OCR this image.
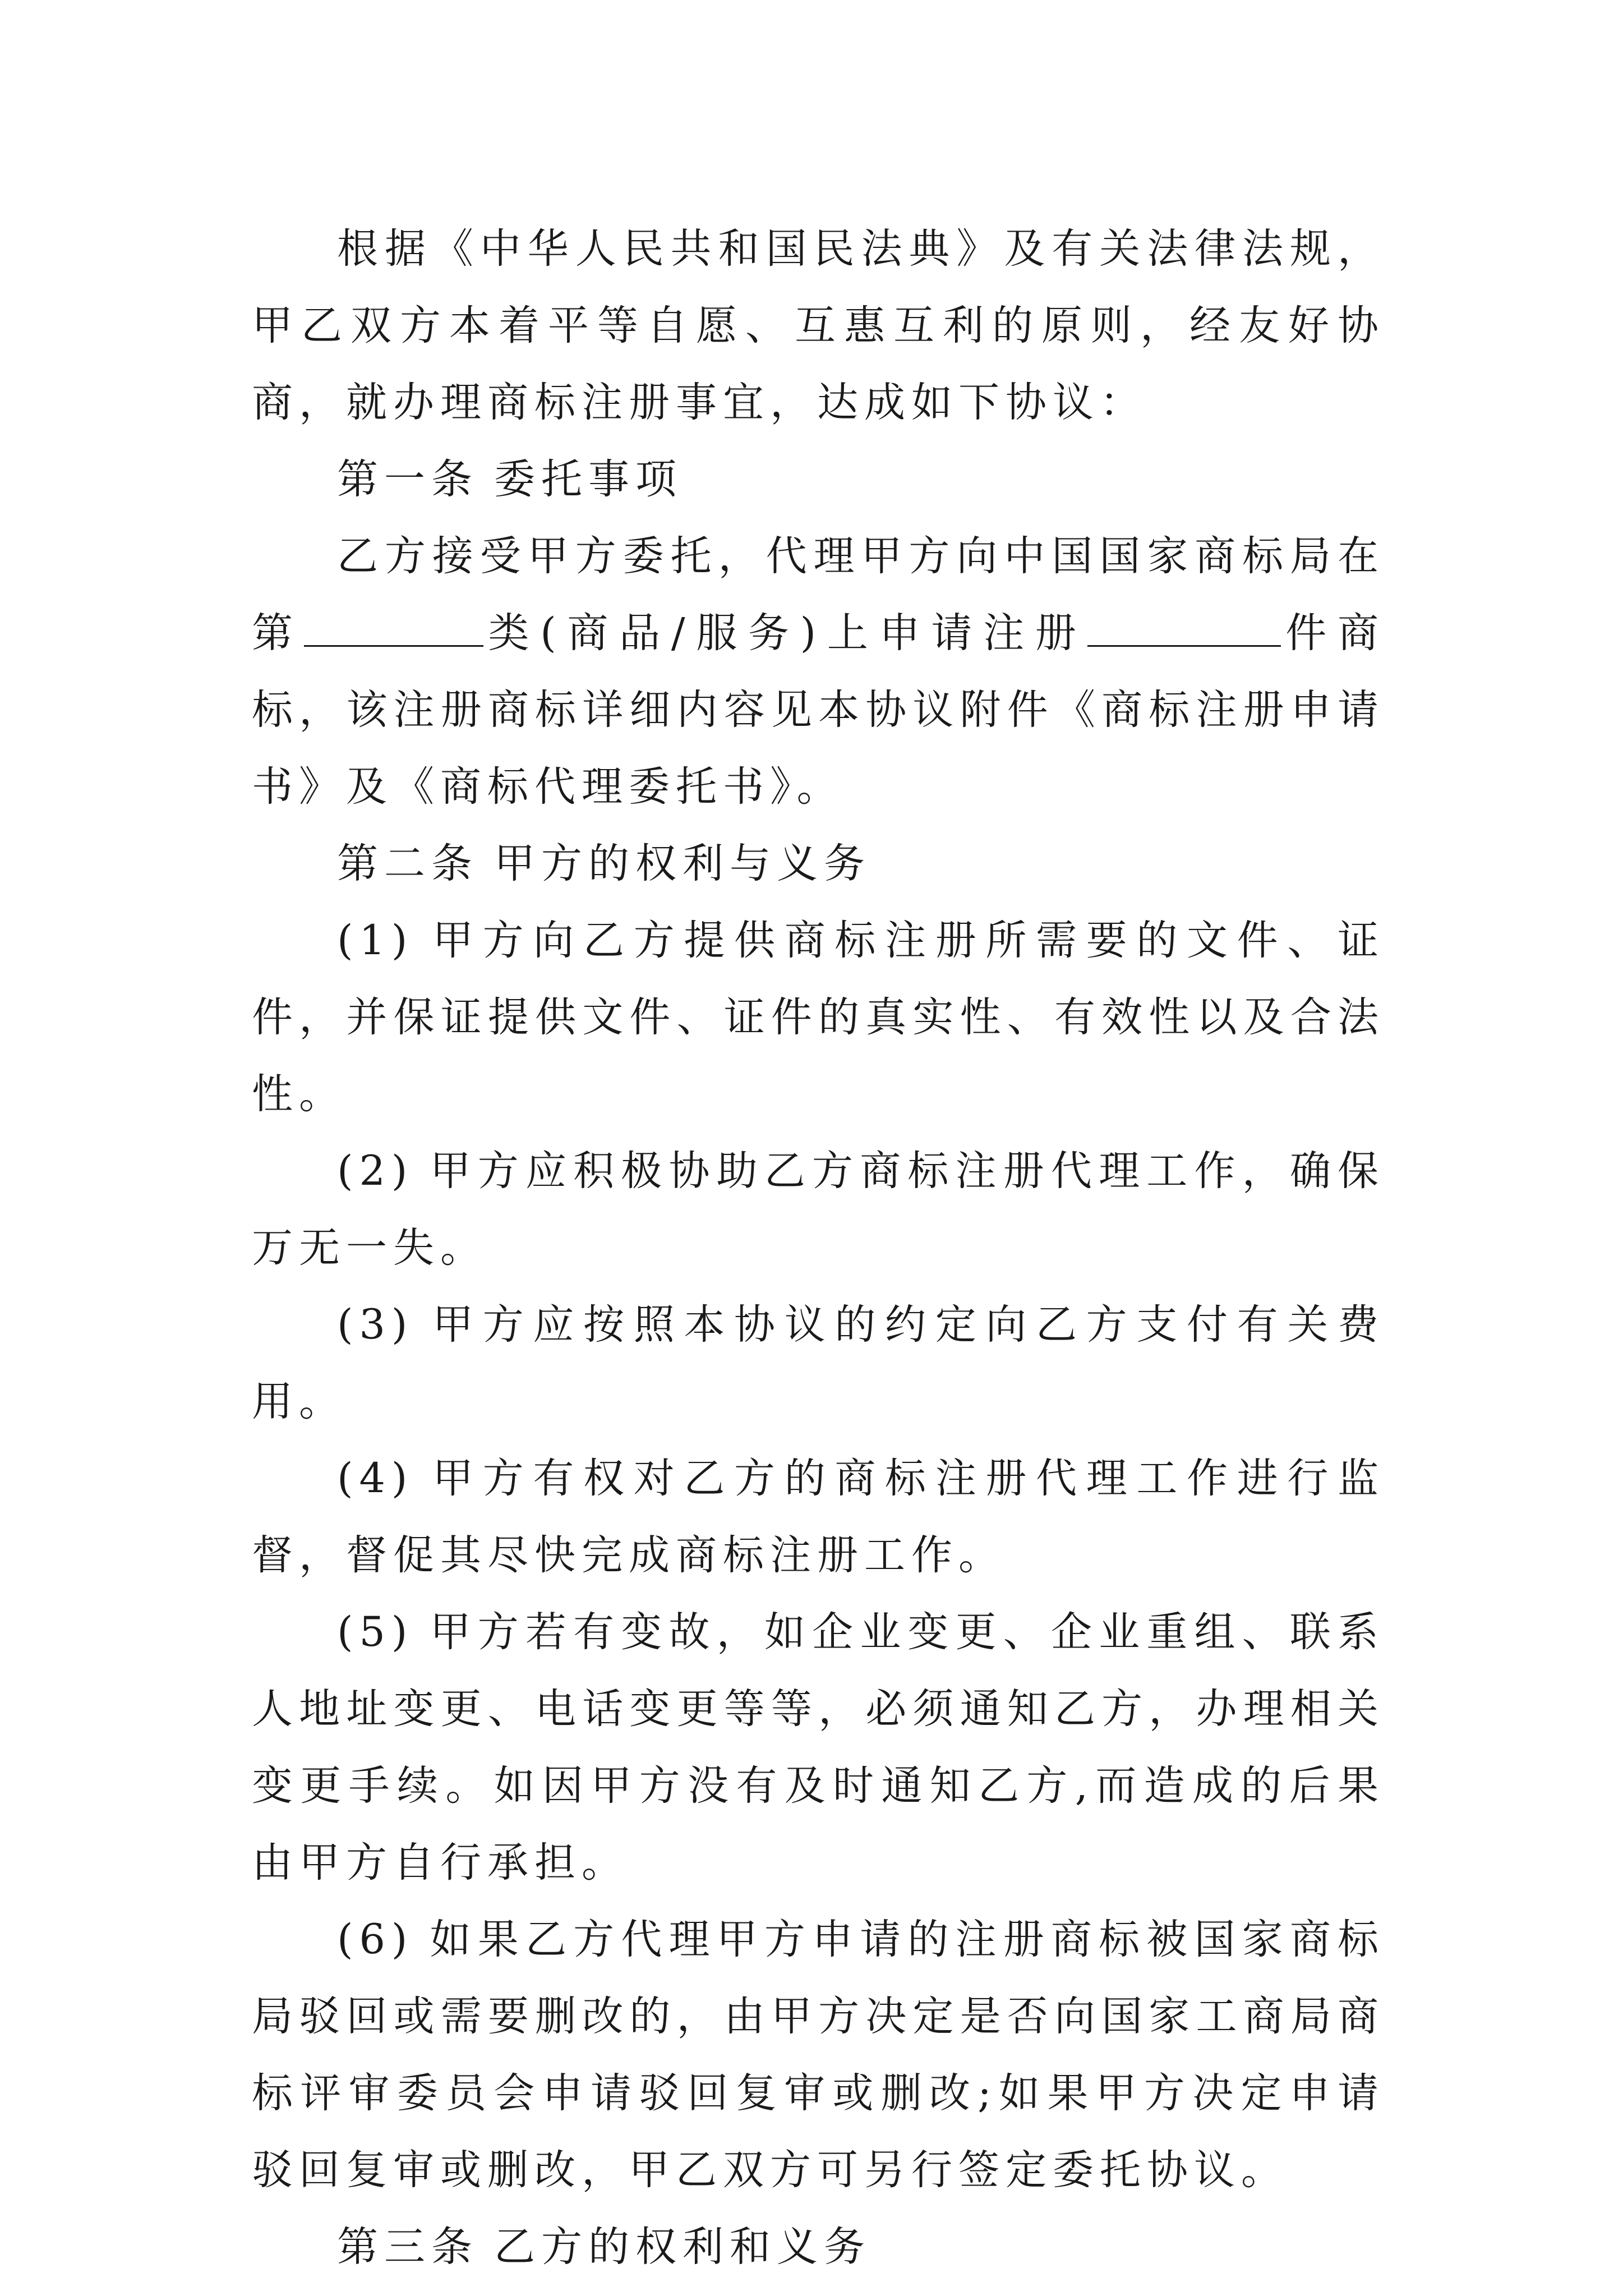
根据《中华人民共和国民法典》及有关法律法规，甲乙双方本着平等自愿、互惠互利的原则，经友好协商，就办理商标注册事宜，达成如下协议：

第一条 委托事项

乙方接受甲方委托，代理甲方向中国国家商标局在第	类(商品/服务)上申请注册	件商标，该注册商标详细内容见本协议附件《商标注册申请书》及《商标代理委托书》。

第二条 甲方的权利与义务

(1) 甲方向乙方提供商标注册所需要的文件、证件，并保证提供文件、证件的真实性、有效性以及合法性。

(2) 甲方应积极协助乙方商标注册代理工作，确保万无一失。

(3) 甲方应按照本协议的约定向乙方支付有关费用。

(4) 甲方有权对乙方的商标注册代理工作进行监督，督促其尽快完成商标注册工作。

(5) 甲方若有变故，如企业变更、企业重组、联系人地址变更、电话变更等等，必须通知乙方，办理相关变更手续。如因甲方没有及时通知乙方,而造成的后果由甲方自行承担。

(6) 如果乙方代理甲方申请的注册商标被国家商标局驳回或需要删改的，由甲方决定是否向国家工商局商标评审委员会申请驳回复审或删改;如果甲方决定申请驳回复审或删改，甲乙双方可另行签定委托协议。

第三条 乙方的权利和义务
